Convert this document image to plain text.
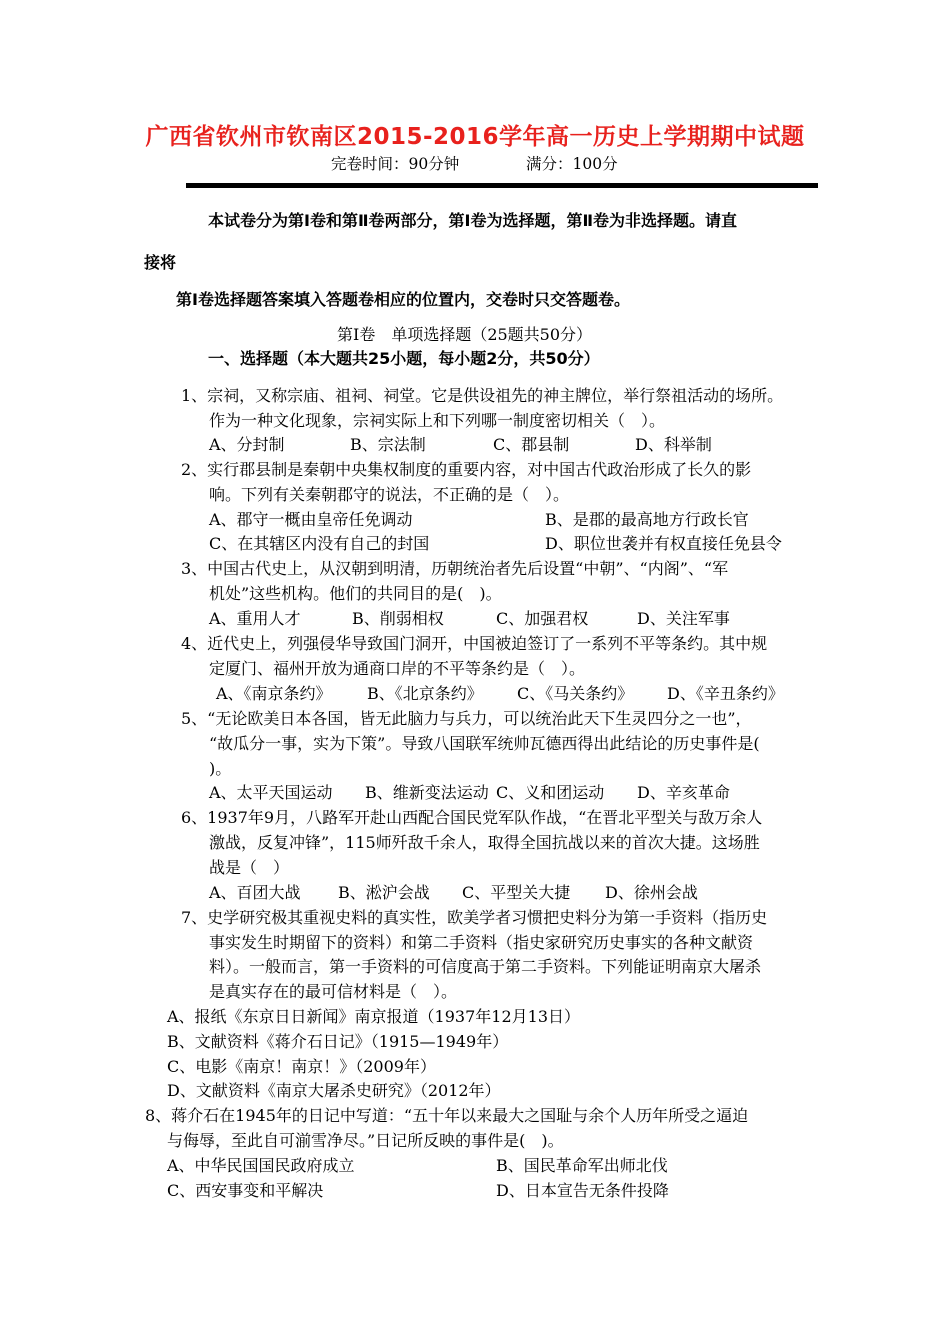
广西省钦州市钦南区2015-2016学年高一历史上学期期中试题
完卷时间：90分钟	满分：100分
本试卷分为第Ⅰ卷和第Ⅱ卷两部分，第Ⅰ卷为选择题，第Ⅱ卷为非选择题。请直
接将
第Ⅰ卷选择题答案填入答题卷相应的位置内，交卷时只交答题卷。
第Ⅰ卷　单项选择题（25题共50分）
一、选择题（本大题共25小题，每小题2分，共50分）
1、宗祠，又称宗庙、祖祠、祠堂。它是供设祖先的神主牌位，举行祭祖活动的场所。
作为一种文化现象，宗祠实际上和下列哪一制度密切相关（　）。
A、分封制	B、宗法制	C、郡县制	D、科举制
2、实行郡县制是秦朝中央集权制度的重要内容，对中国古代政治形成了长久的影
响。下列有关秦朝郡守的说法，不正确的是（　）。
A、郡守一概由皇帝任免调动	B、是郡的最高地方行政长官
C、在其辖区内没有自己的封国	D、职位世袭并有权直接任免县令
3、中国古代史上，从汉朝到明清，历朝统治者先后设置“中朝”、“内阁”、“军
机处”这些机构。他们的共同目的是(　)。
A、重用人才	B、削弱相权	C、加强君权	D、关注军事
4、近代史上，列强侵华导致国门洞开，中国被迫签订了一系列不平等条约。其中规
定厦门、福州开放为通商口岸的不平等条约是（　）。
A、《南京条约》 B、《北京条约》 C、《马关条约》 D、《辛丑条约》
5、“无论欧美日本各国，皆无此脑力与兵力，可以统治此天下生灵四分之一也”，
“故瓜分一事，实为下策”。导致八国联军统帅瓦德西得出此结论的历史事件是(
)。
A、太平天国运动 B、维新变法运动 C、义和团运动 D、辛亥革命
6、1937年9月，八路军开赴山西配合国民党军队作战，“在晋北平型关与敌万余人
激战，反复冲锋”，115师歼敌千余人，取得全国抗战以来的首次大捷。这场胜
战是（　）
A、百团大战 B、淞沪会战 C、平型关大捷 D、徐州会战
7、史学研究极其重视史料的真实性，欧美学者习惯把史料分为第一手资料（指历史
事实发生时期留下的资料）和第二手资料（指史家研究历史事实的各种文献资
料）。一般而言，第一手资料的可信度高于第二手资料。下列能证明南京大屠杀
是真实存在的最可信材料是（　）。
A、报纸《东京日日新闻》南京报道（1937年12月13日）
B、文献资料《蒋介石日记》（1915—1949年）
C、电影《南京！南京！》（2009年）
D、文献资料《南京大屠杀史研究》（2012年）
8、蒋介石在1945年的日记中写道：“五十年以来最大之国耻与余个人历年所受之逼迫
与侮辱，至此自可湔雪净尽。”日记所反映的事件是(　)。
A、中华民国国民政府成立	B、国民革命军出师北伐
C、西安事变和平解决	D、日本宣告无条件投降
